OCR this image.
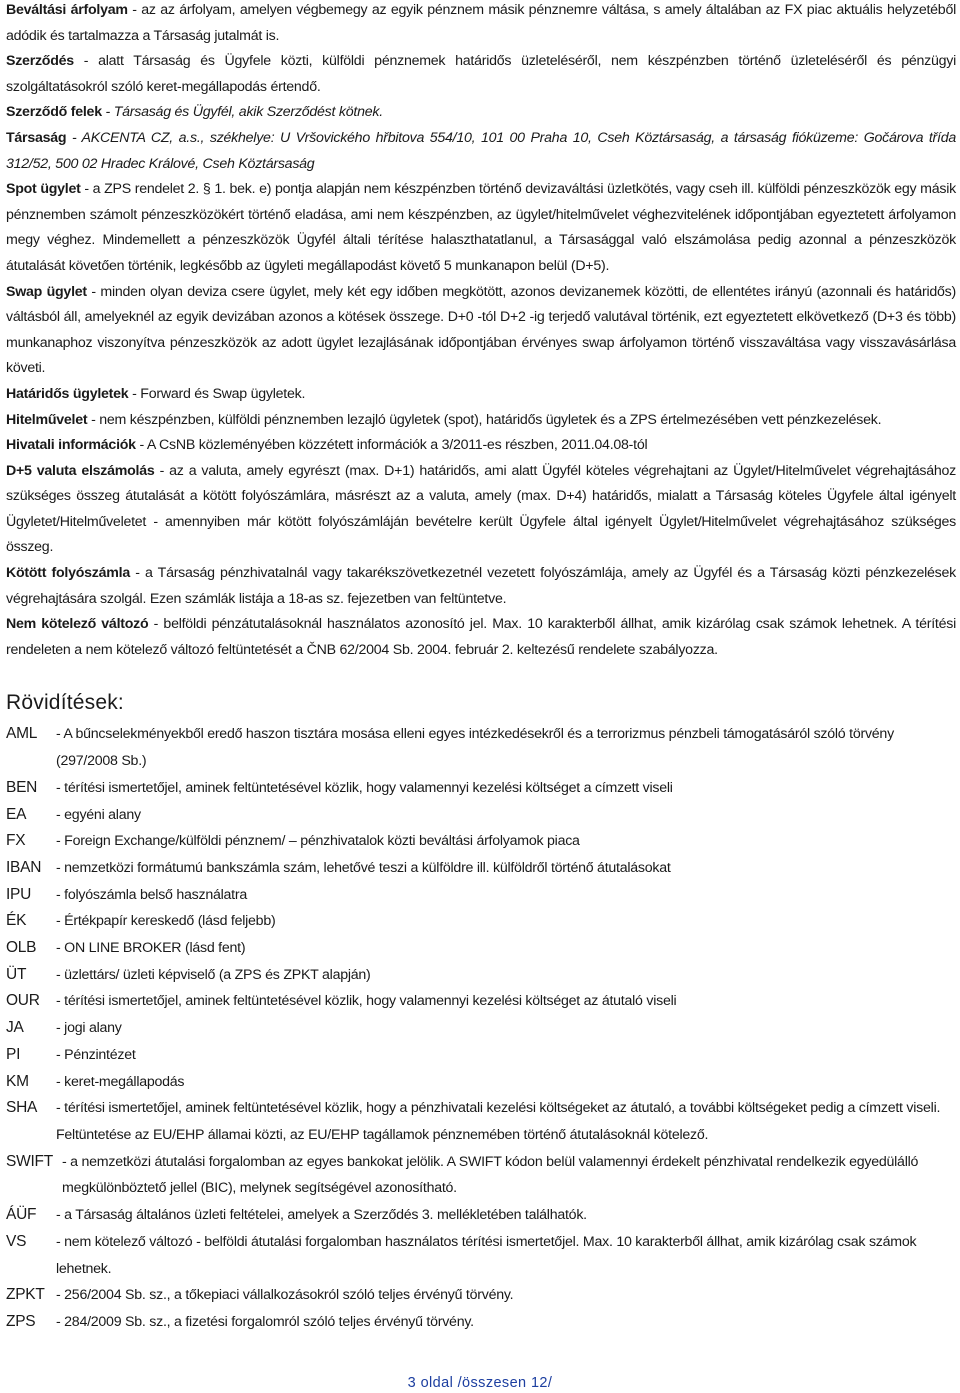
Beváltási árfolyam - az az árfolyam, amelyen végbemegy az egyik pénznem másik pénznemre váltása, s amely általában az FX piac aktuális helyzetéből adódik és tartalmazza a Társaság jutalmát is.

Szerződés - alatt Társaság és Ügyfele közti, külföldi pénznemek határidős üzleteléséről, nem készpénzben történő üzleteléséről és pénzügyi szolgáltatásokról szóló keret-megállapodás értendő.

Szerződő felek - Társaság és Ügyfél, akik Szerződést kötnek.

Társaság - AKCENTA CZ, a.s., székhelye: U Vršovického hřbitova 554/10, 101 00 Praha 10, Cseh Köztársaság, a társaság fióküzeme: Gočárova třída 312/52, 500 02 Hradec Králové, Cseh Köztársaság

Spot ügylet - a ZPS rendelet 2. § 1. bek. e) pontja alapján nem készpénzben történő devizaváltási üzletkötés, vagy cseh ill. külföldi pénzeszközök egy másik pénznemben számolt pénzeszközökért történő eladása, ami nem készpénzben, az ügylet/hitelművelet véghezvitelének időpontjában egyeztetett árfolyamon megy véghez. Mindemellett a pénzeszközök Ügyfél általi térítése halaszthatatlanul, a Társasággal való elszámolása pedig azonnal a pénzeszközök átutalását követően történik, legkésőbb az ügyleti megállapodást követő 5 munkanapon belül (D+5).

Swap ügylet - minden olyan deviza csere ügylet, mely két egy időben megkötött, azonos devizanemek közötti, de ellentétes irányú (azonnali és határidős) váltásból áll, amelyeknél az egyik devizában azonos a kötések összege. D+0 -tól D+2 -ig terjedő valutával történik, ezt egyeztetett elkövetkező (D+3 és több) munkanaphoz viszonyítva pénzeszközök az adott ügylet lezajlásának időpontjában érvényes swap árfolyamon történő visszaváltása vagy visszavásárlása követi.

Határidős ügyletek - Forward és Swap ügyletek.

Hitelművelet - nem készpénzben, külföldi pénznemben lezajló ügyletek (spot), határidős ügyletek és a ZPS értelmezésében vett pénzkezelések.

Hivatali információk - A CsNB közleményében közzétett információk a 3/2011-es részben, 2011.04.08-tól

D+5 valuta elszámolás - az a valuta, amely egyrészt (max. D+1) határidős, ami alatt Ügyfél köteles végrehajtani az Ügylet/Hitelművelet végrehajtásához szükséges összeg átutalását a kötött folyószámlára, másrészt az a valuta, amely (max. D+4) határidős, mialatt a Társaság köteles Ügyfele által igényelt Ügyletet/Hitelműveletet - amennyiben már kötött folyószámláján bevételre került Ügyfele által igényelt Ügylet/Hitelművelet végrehajtásához szükséges összeg.

Kötött folyószámla - a Társaság pénzhivatalnál vagy takarékszövetkezetnél vezetett folyószámlája, amely az Ügyfél és a Társaság közti pénzkezelések végrehajtására szolgál. Ezen számlák listája a 18-as sz. fejezetben van feltüntetve.

Nem kötelező változó - belföldi pénzátutalásoknál használatos azonosító jel. Max. 10 karakterből állhat, amik kizárólag csak számok lehetnek. A térítési rendeleten a nem kötelező változó feltüntetését a ČNB 62/2004 Sb. 2004. február 2. keltezésű rendelete szabályozza.

Rövidítések:
AML	- A bűncselekményekből eredő haszon tisztára mosása elleni egyes intézkedésekről és a terrorizmus pénzbeli támogatásáról szóló törvény (297/2008 Sb.)
BEN	- térítési ismertetőjel, aminek feltüntetésével közlik, hogy valamennyi kezelési költséget a címzett viseli
EA	- egyéni alany
FX	- Foreign Exchange/külföldi pénznem/ – pénzhivatalok közti beváltási árfolyamok piaca
IBAN	- nemzetközi formátumú bankszámla szám, lehetővé teszi a külföldre ill. külföldről történő átutalásokat
IPU	- folyószámla belső használatra
ÉK	- Értékpapír kereskedő (lásd feljebb)
OLB	- ON LINE BROKER (lásd fent)
ÜT	- üzlettárs/ üzleti képviselő (a ZPS és ZPKT alapján)
OUR	- térítési ismertetőjel, aminek feltüntetésével közlik, hogy valamennyi kezelési költséget az átutaló viseli
JA	- jogi alany
PI	- Pénzintézet
KM	- keret-megállapodás
SHA	- térítési ismertetőjel, aminek feltüntetésével közlik, hogy a pénzhivatali kezelési költségeket az átutaló, a további költségeket pedig a címzett viseli. Feltüntetése az EU/EHP államai közti, az EU/EHP tagállamok pénznemében történő átutalásoknál kötelező.
SWIFT - a nemzetközi átutalási forgalomban az egyes bankokat jelölik. A SWIFT kódon belül valamennyi érdekelt pénzhivatal rendelkezik egyedülálló megkülönböztető jellel (BIC), melynek segítségével azonosítható.
ÁÜF	- a Társaság általános üzleti feltételei, amelyek a Szerződés 3. mellékletében találhatók.
VS	- nem kötelező változó - belföldi átutalási forgalomban használatos térítési ismertetőjel. Max. 10 karakterből állhat, amik kizárólag csak számok lehetnek.
ZPKT - 256/2004 Sb. sz., a tőkepiaci vállalkozásokról szóló teljes érvényű törvény.
ZPS	- 284/2009 Sb. sz., a fizetési forgalomról szóló teljes érvényű törvény.
3 oldal /összesen 12/
